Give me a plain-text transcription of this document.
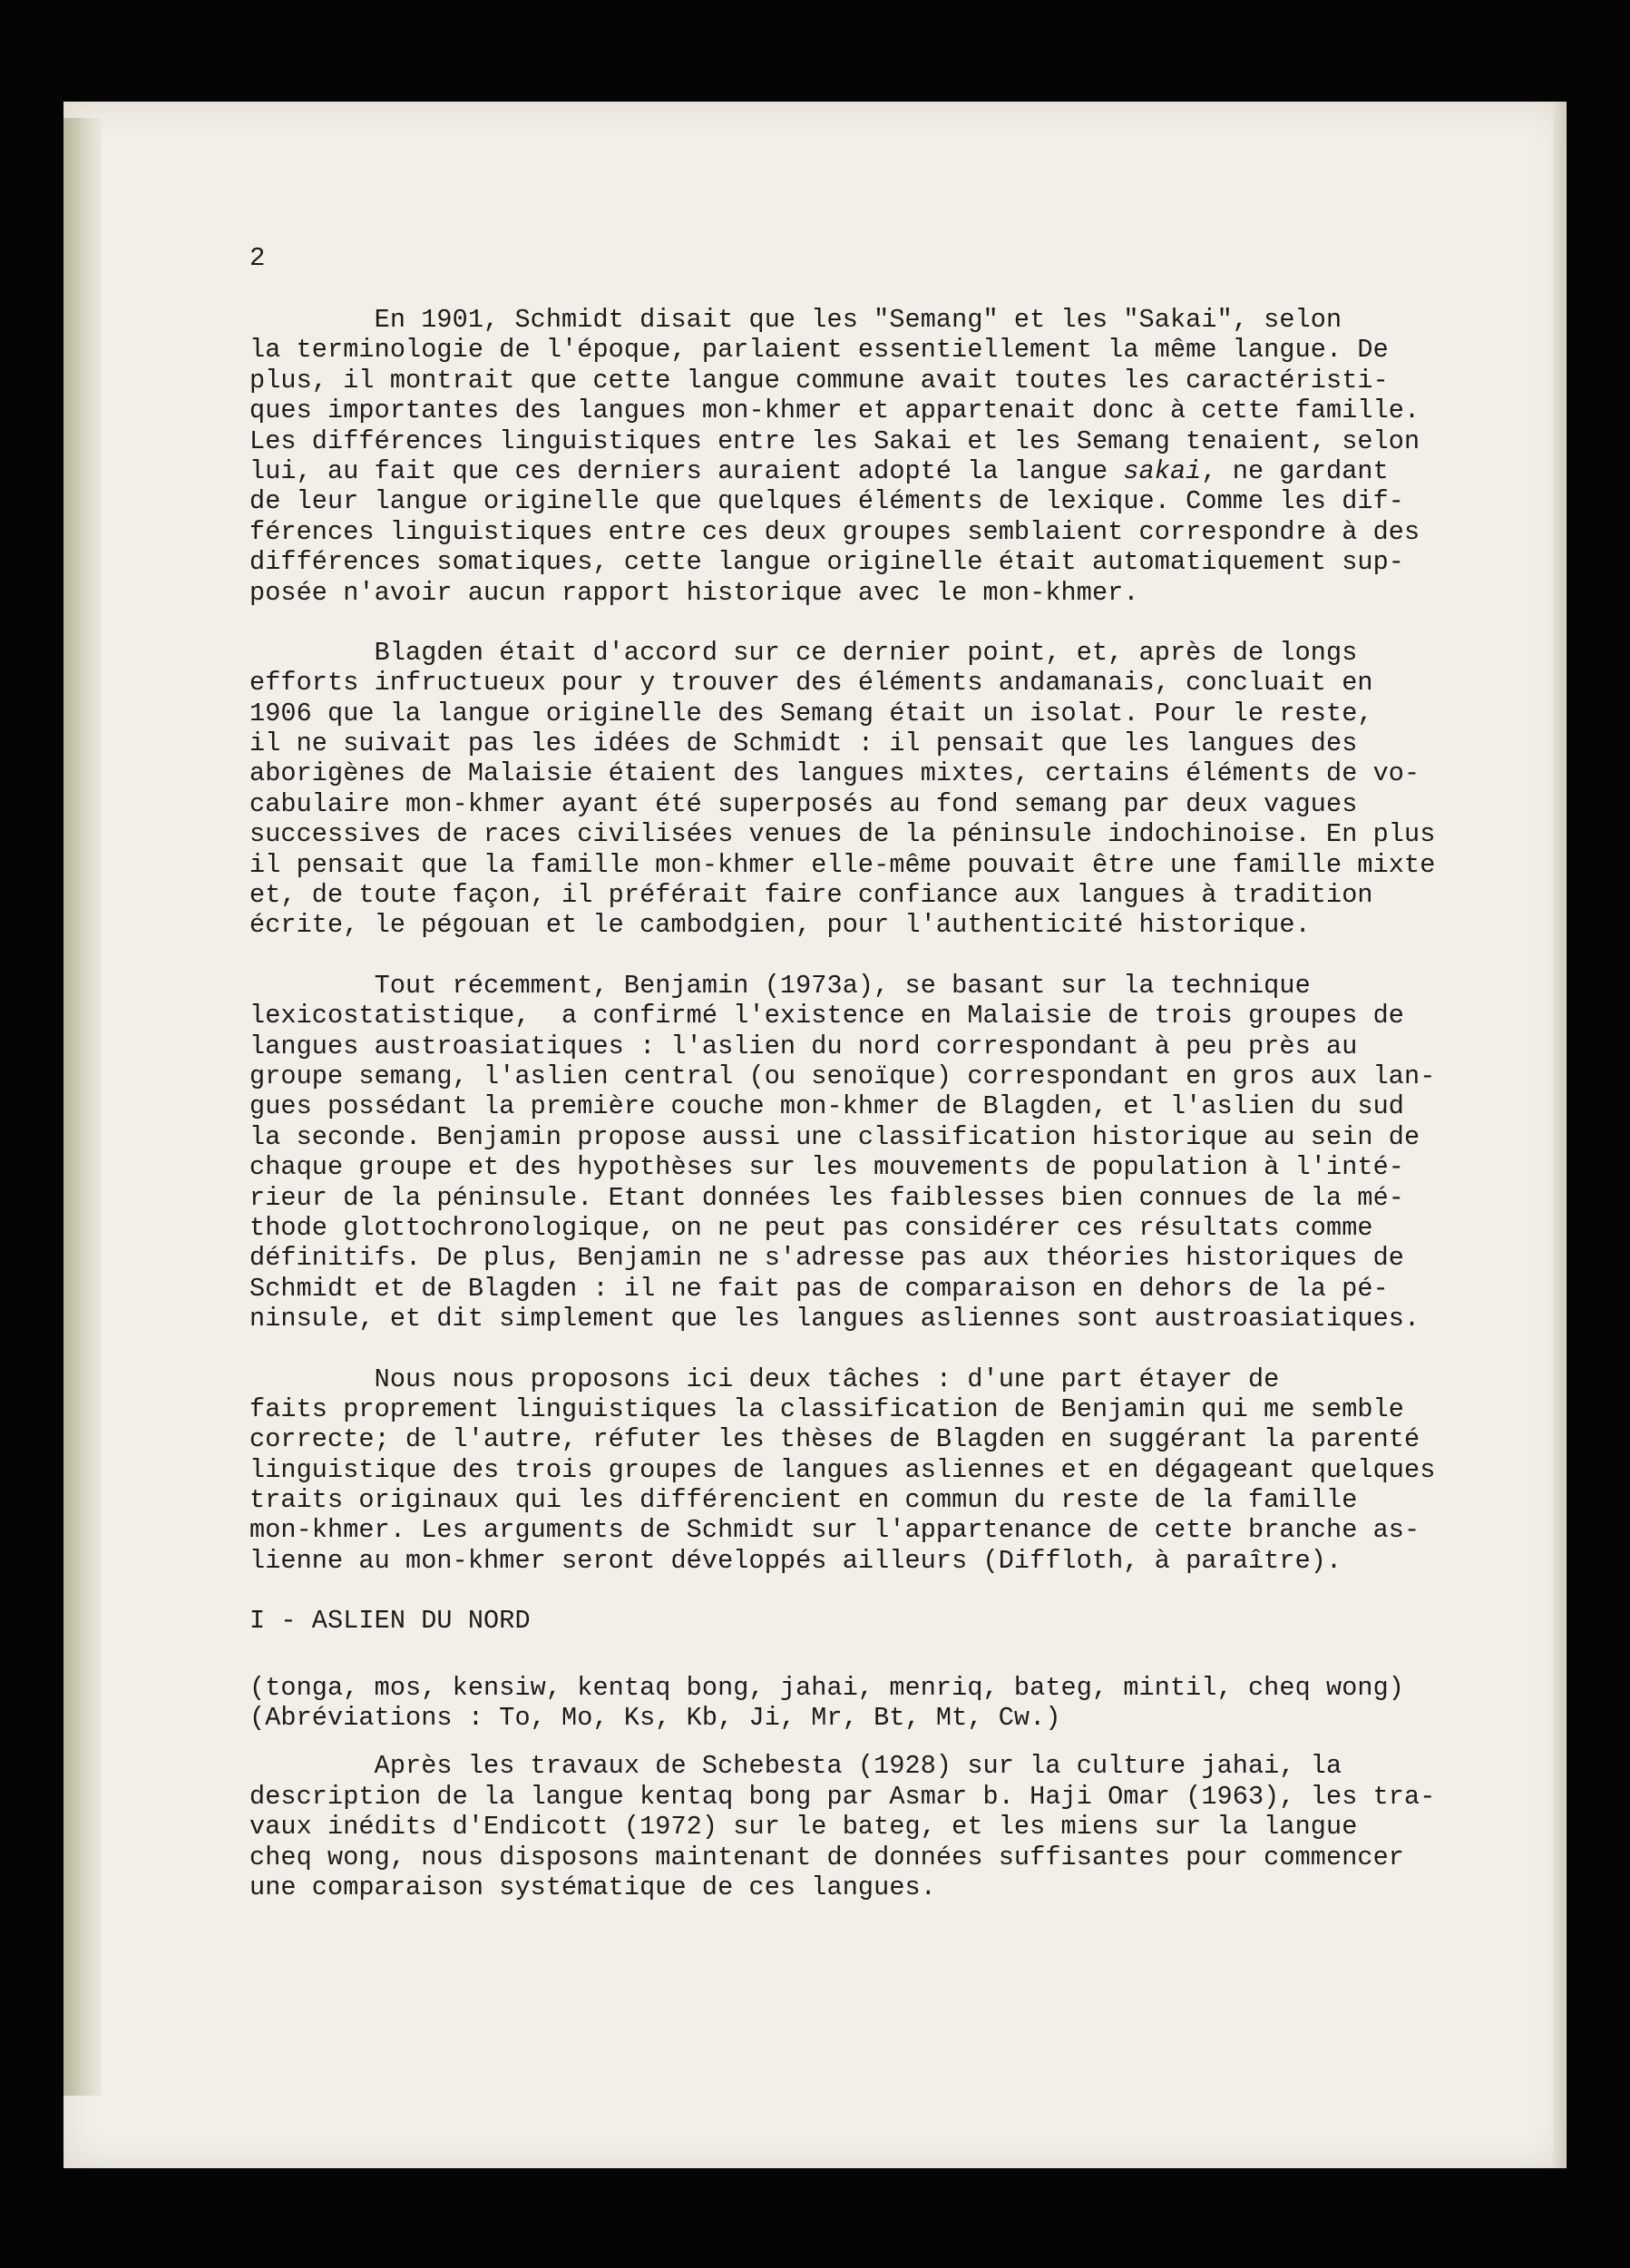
2
En 1901, Schmidt disait que les "Semang" et les "Sakai", selon
la terminologie de l'époque, parlaient essentiellement la même langue. De
plus, il montrait que cette langue commune avait toutes les caractéristi-
ques importantes des langues mon-khmer et appartenait donc à cette famille.
Les différences linguistiques entre les Sakai et les Semang tenaient, selon
lui, au fait que ces derniers auraient adopté la langue sakai, ne gardant
de leur langue originelle que quelques éléments de lexique. Comme les dif-
férences linguistiques entre ces deux groupes semblaient correspondre à des
différences somatiques, cette langue originelle était automatiquement sup-
posée n'avoir aucun rapport historique avec le mon-khmer.
Blagden était d'accord sur ce dernier point, et, après de longs
efforts infructueux pour y trouver des éléments andamanais, concluait en
1906 que la langue originelle des Semang était un isolat. Pour le reste,
il ne suivait pas les idées de Schmidt : il pensait que les langues des
aborigènes de Malaisie étaient des langues mixtes, certains éléments de vo-
cabulaire mon-khmer ayant été superposés au fond semang par deux vagues
successives de races civilisées venues de la péninsule indochinoise. En plus
il pensait que la famille mon-khmer elle-même pouvait être une famille mixte
et, de toute façon, il préférait faire confiance aux langues à tradition
écrite, le pégouan et le cambodgien, pour l'authenticité historique.
Tout récemment, Benjamin (1973a), se basant sur la technique
lexicostatistique,  a confirmé l'existence en Malaisie de trois groupes de
langues austroasiatiques : l'aslien du nord correspondant à peu près au
groupe semang, l'aslien central (ou senoïque) correspondant en gros aux lan-
gues possédant la première couche mon-khmer de Blagden, et l'aslien du sud
la seconde. Benjamin propose aussi une classification historique au sein de
chaque groupe et des hypothèses sur les mouvements de population à l'inté-
rieur de la péninsule. Etant données les faiblesses bien connues de la mé-
thode glottochronologique, on ne peut pas considérer ces résultats comme
définitifs. De plus, Benjamin ne s'adresse pas aux théories historiques de
Schmidt et de Blagden : il ne fait pas de comparaison en dehors de la pé-
ninsule, et dit simplement que les langues asliennes sont austroasiatiques.
Nous nous proposons ici deux tâches : d'une part étayer de
faits proprement linguistiques la classification de Benjamin qui me semble
correcte; de l'autre, réfuter les thèses de Blagden en suggérant la parenté
linguistique des trois groupes de langues asliennes et en dégageant quelques
traits originaux qui les différencient en commun du reste de la famille
mon-khmer. Les arguments de Schmidt sur l'appartenance de cette branche as-
lienne au mon-khmer seront développés ailleurs (Diffloth, à paraître).
I - ASLIEN DU NORD
(tonga, mos, kensiw, kentaq bong, jahai, menriq, bateg, mintil, cheq wong)
(Abréviations : To, Mo, Ks, Kb, Ji, Mr, Bt, Mt, Cw.)
Après les travaux de Schebesta (1928) sur la culture jahai, la
description de la langue kentaq bong par Asmar b. Haji Omar (1963), les tra-
vaux inédits d'Endicott (1972) sur le bateg, et les miens sur la langue
cheq wong, nous disposons maintenant de données suffisantes pour commencer
une comparaison systématique de ces langues.
